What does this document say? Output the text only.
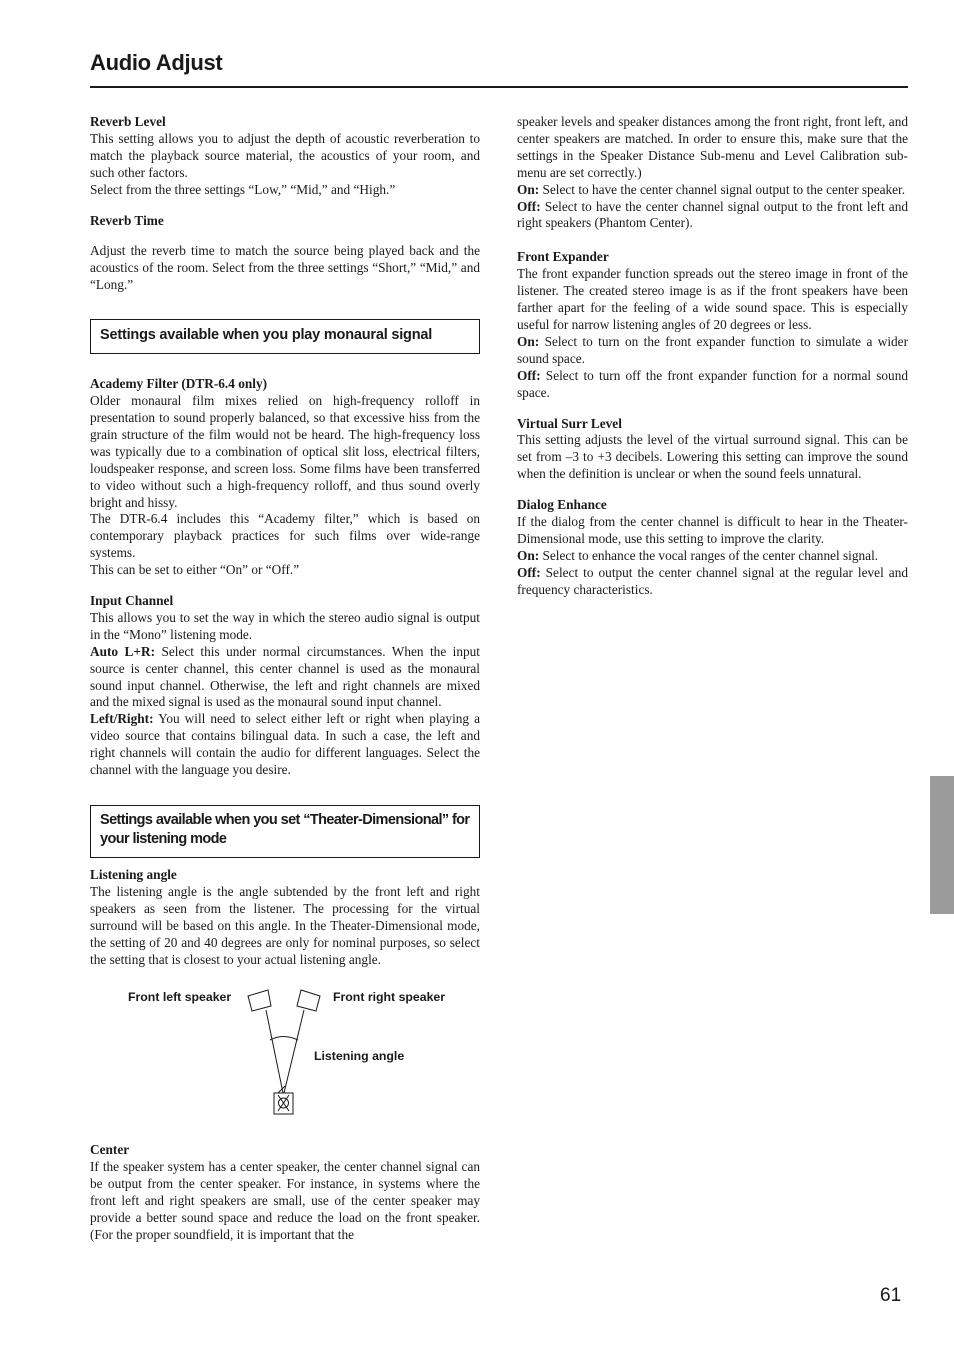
Audio Adjust
Reverb Level

This setting allows you to adjust the depth of acoustic reverberation to match the playback source material, the acoustics of your room, and such other factors.

Select from the three settings “Low,” “Mid,” and “High.”

Reverb Time

Adjust the reverb time to match the source being played back and the acoustics of the room. Select from the three settings “Short,” “Mid,” and “Long.”

Settings available when you play monaural signal
Academy Filter (DTR-6.4 only)

Older monaural film mixes relied on high-frequency rolloff in presentation to sound properly balanced, so that excessive hiss from the grain structure of the film would not be heard. The high-frequency loss was typically due to a combination of optical slit loss, electrical filters, loudspeaker response, and screen loss. Some films have been transferred to video without such a high-frequency rolloff, and thus sound overly bright and hissy.

The DTR-6.4 includes this “Academy filter,” which is based on contemporary playback practices for such films over wide-range systems.

This can be set to either “On” or “Off.”

Input Channel

This allows you to set the way in which the stereo audio signal is output in the “Mono” listening mode.

Auto L+R: Select this under normal circumstances. When the input source is center channel, this center channel is used as the monaural sound input channel. Otherwise, the left and right channels are mixed and the mixed signal is used as the monaural sound input channel.

Left/Right: You will need to select either left or right when playing a video source that contains bilingual data. In such a case, the left and right channels will contain the audio for different languages. Select the channel with the language you desire.

Settings available when you set “Theater-Dimensional” for your listening mode
Listening angle

The listening angle is the angle subtended by the front left and right speakers as seen from the listener. The processing for the virtual surround will be based on this angle. In the Theater-Dimensional mode, the setting of 20 and 40 degrees are only for nominal purposes, so select the setting that is closest to your actual listening angle.

Front left speaker	Front right speaker
Listening angle
Center

If the speaker system has a center speaker, the center channel signal can be output from the center speaker. For instance, in systems where the front left and right speakers are small, use of the center speaker may provide a better sound space and reduce the load on the front speaker. (For the proper soundfield, it is important that the

speaker levels and speaker distances among the front right, front left, and center speakers are matched. In order to ensure this, make sure that the settings in the Speaker Distance Sub-menu and Level Calibration sub-menu are set correctly.)

On: Select to have the center channel signal output to the center speaker.

Off: Select to have the center channel signal output to the front left and right speakers (Phantom Center).

Front Expander

The front expander function spreads out the stereo image in front of the listener. The created stereo image is as if the front speakers have been farther apart for the feeling of a wide sound space. This is especially useful for narrow listening angles of 20 degrees or less.

On: Select to turn on the front expander function to simulate a wider sound space.

Off: Select to turn off the front expander function for a normal sound space.

Virtual Surr Level

This setting adjusts the level of the virtual surround signal. This can be set from –3 to +3 decibels. Lowering this setting can improve the sound when the definition is unclear or when the sound feels unnatural.

Dialog Enhance

If the dialog from the center channel is difficult to hear in the Theater-Dimensional mode, use this setting to improve the clarity.

On: Select to enhance the vocal ranges of the center channel signal.

Off: Select to output the center channel signal at the regular level and frequency characteristics.

61
